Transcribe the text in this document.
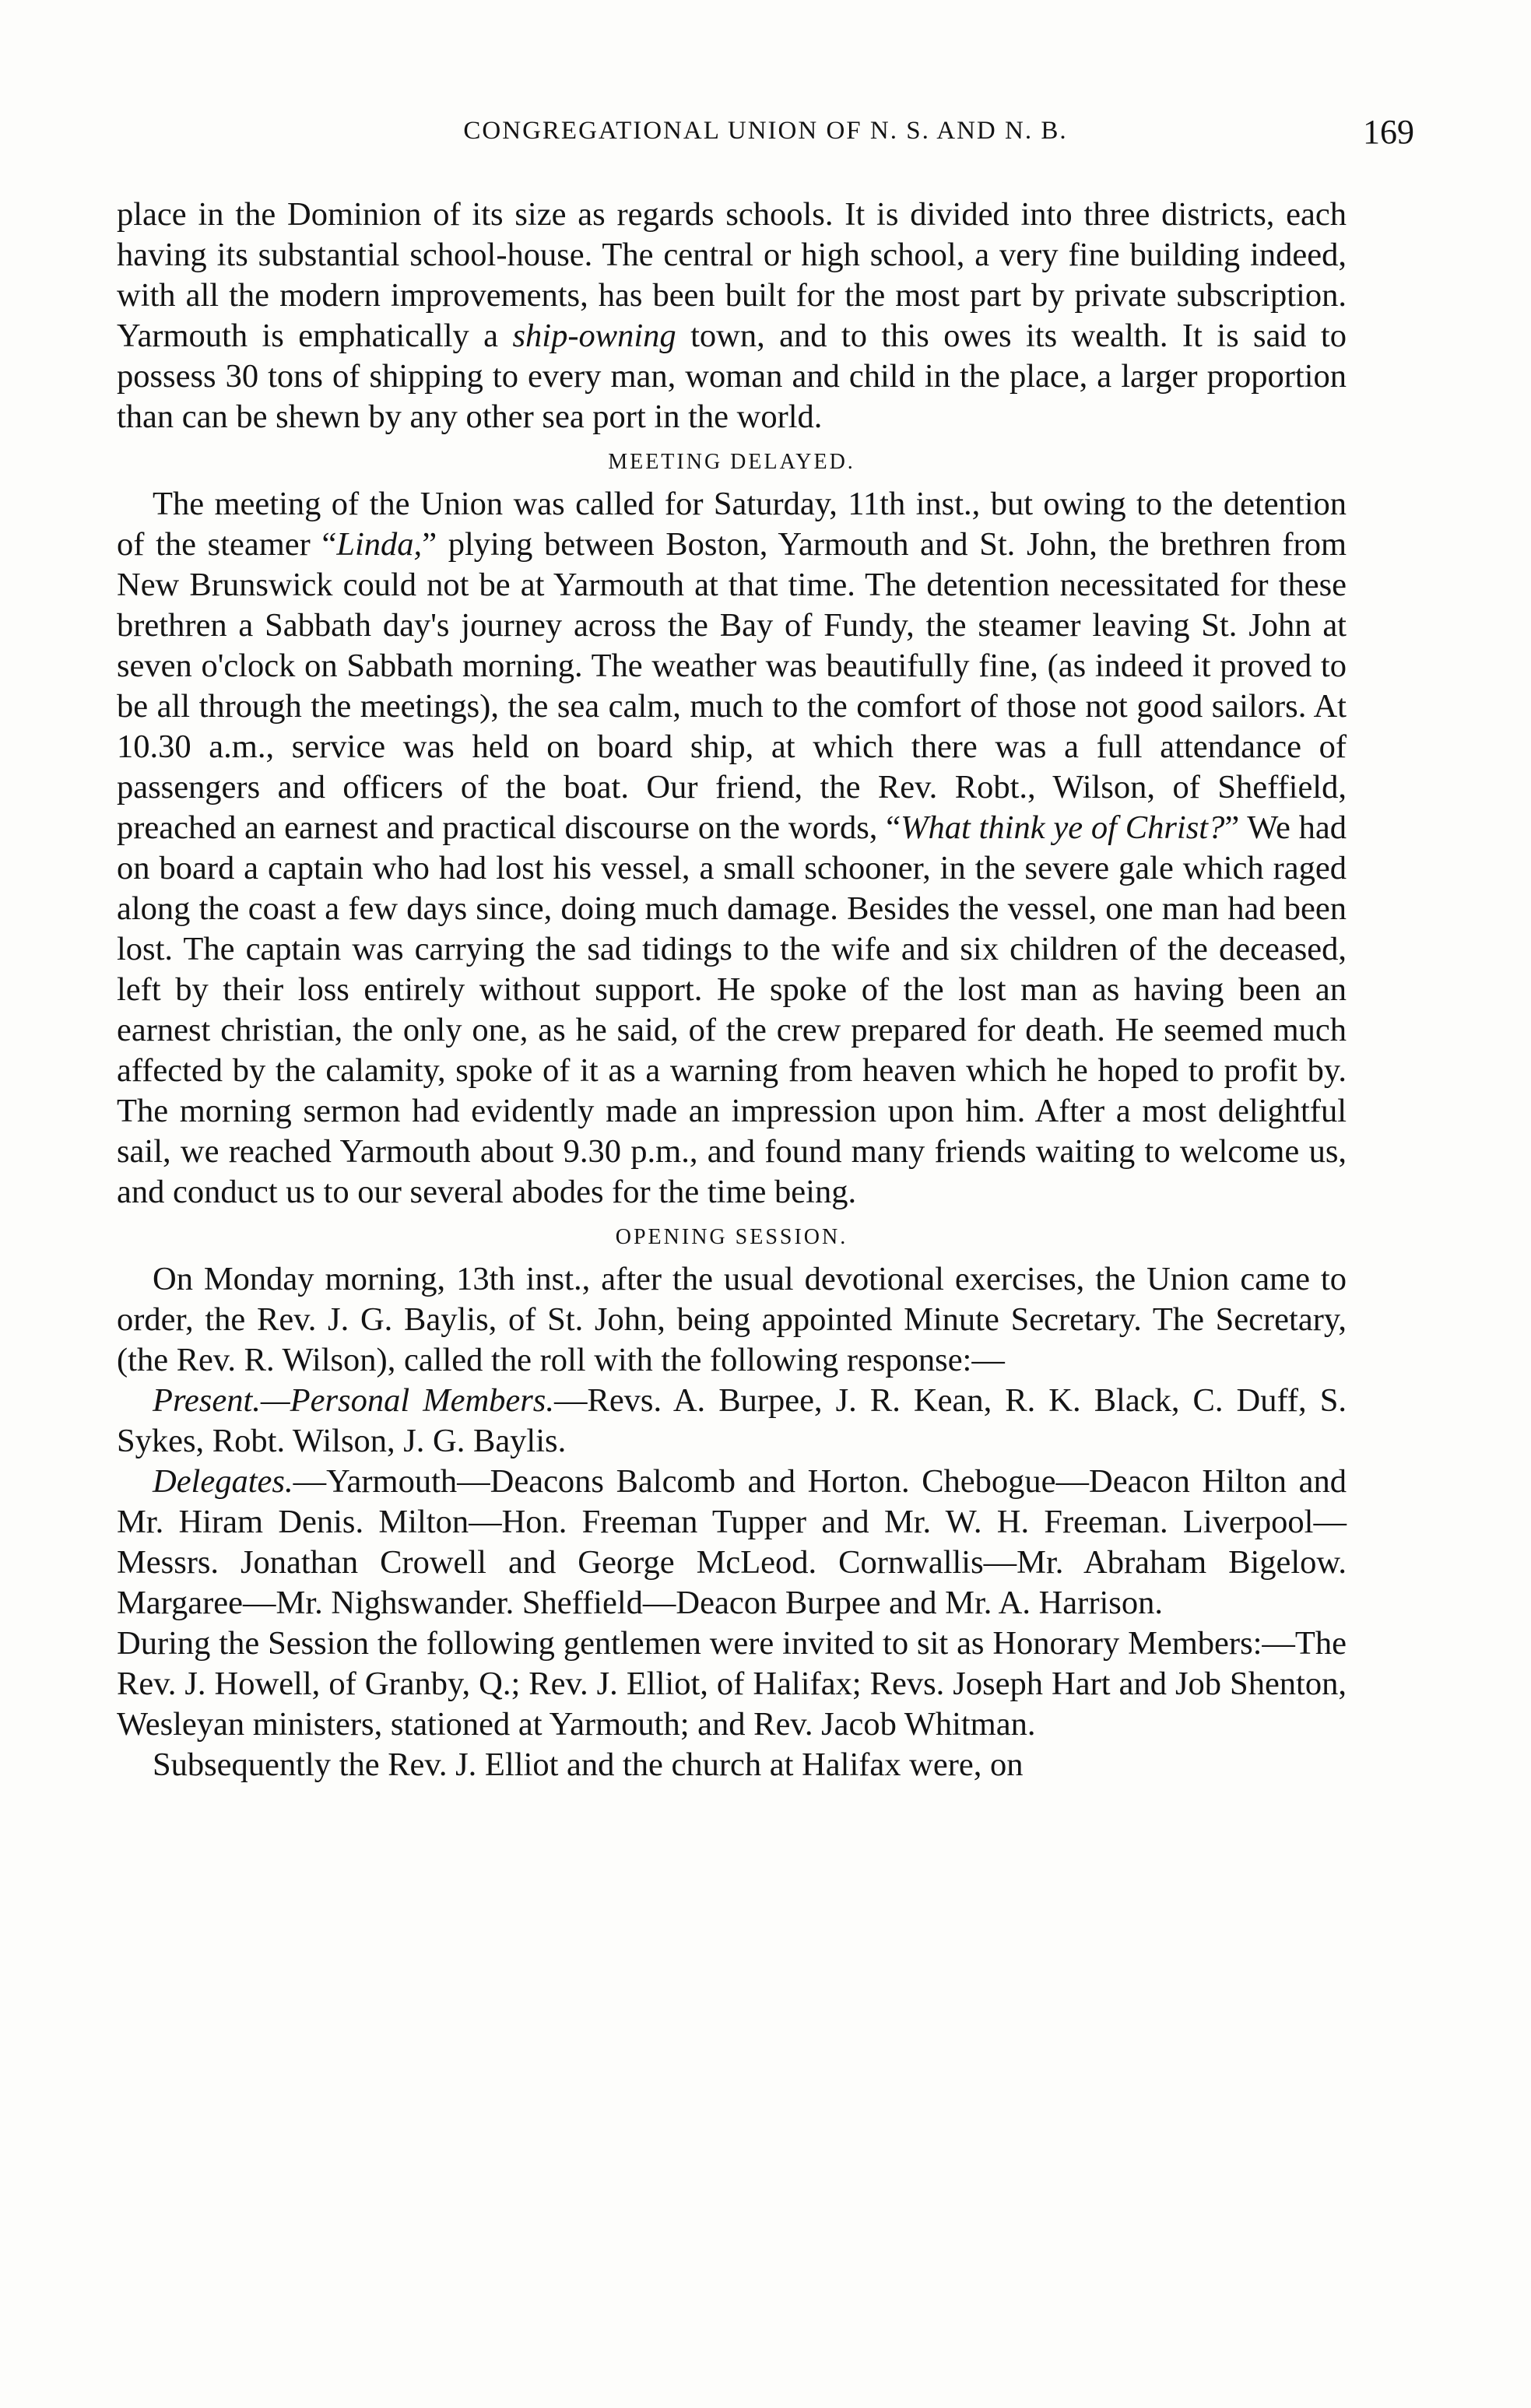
CONGREGATIONAL UNION OF N. S. AND N. B.	169

place in the Dominion of its size as regards schools. It is divided into three districts, each having its substantial school-house. The central or high school, a very fine building indeed, with all the modern improvements, has been built for the most part by private subscription. Yarmouth is emphatically a ship-owning town, and to this owes its wealth. It is said to possess 30 tons of shipping to every man, woman and child in the place, a larger proportion than can be shewn by any other sea port in the world.

MEETING DELAYED.

The meeting of the Union was called for Saturday, 11th inst., but owing to the detention of the steamer “Linda,” plying between Boston, Yarmouth and St. John, the brethren from New Brunswick could not be at Yarmouth at that time. The detention necessitated for these brethren a Sabbath day's journey across the Bay of Fundy, the steamer leaving St. John at seven o'clock on Sabbath morning. The weather was beautifully fine, (as indeed it proved to be all through the meetings), the sea calm, much to the comfort of those not good sailors. At 10.30 a.m., service was held on board ship, at which there was a full attendance of passengers and officers of the boat. Our friend, the Rev. Robt., Wilson, of Sheffield, preached an earnest and practical discourse on the words, “What think ye of Christ?” We had on board a captain who had lost his vessel, a small schooner, in the severe gale which raged along the coast a few days since, doing much damage. Besides the vessel, one man had been lost. The captain was carrying the sad tidings to the wife and six children of the deceased, left by their loss entirely without support. He spoke of the lost man as having been an earnest christian, the only one, as he said, of the crew prepared for death. He seemed much affected by the calamity, spoke of it as a warning from heaven which he hoped to profit by. The morning sermon had evidently made an impression upon him. After a most delightful sail, we reached Yarmouth about 9.30 p.m., and found many friends waiting to welcome us, and conduct us to our several abodes for the time being.

OPENING SESSION.

On Monday morning, 13th inst., after the usual devotional exercises, the Union came to order, the Rev. J. G. Baylis, of St. John, being appointed Minute Secretary. The Secretary, (the Rev. R. Wilson), called the roll with the following response:—

Present.—Personal Members.—Revs. A. Burpee, J. R. Kean, R. K. Black, C. Duff, S. Sykes, Robt. Wilson, J. G. Baylis.

Delegates.—Yarmouth—Deacons Balcomb and Horton. Chebogue—Deacon Hilton and Mr. Hiram Denis. Milton—Hon. Freeman Tupper and Mr. W. H. Freeman. Liverpool—Messrs. Jonathan Crowell and George McLeod. Cornwallis—Mr. Abraham Bigelow. Margaree—Mr. Nighswander. Sheffield—Deacon Burpee and Mr. A. Harrison.

During the Session the following gentlemen were invited to sit as Honorary Members:—The Rev. J. Howell, of Granby, Q.; Rev. J. Elliot, of Halifax; Revs. Joseph Hart and Job Shenton, Wesleyan ministers, stationed at Yarmouth; and Rev. Jacob Whitman.

Subsequently the Rev. J. Elliot and the church at Halifax were, on
